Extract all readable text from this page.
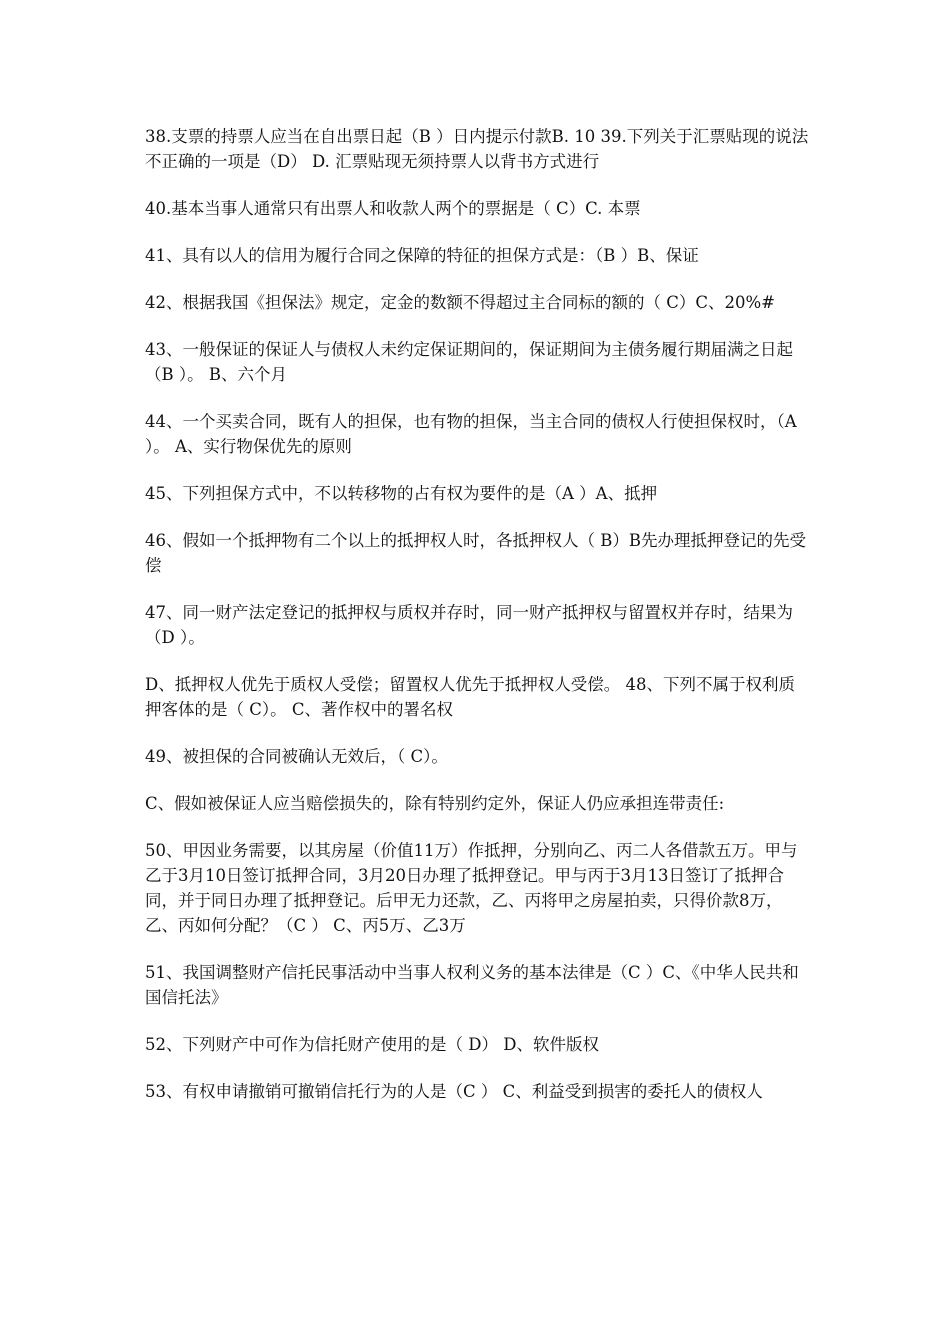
38.支票的持票人应当在自出票日起（B ）日内提示付款B. 10 39.下列关于汇票贴现的说法不正确的一项是（D） D. 汇票贴现无须持票人以背书方式进行

40.基本当事人通常只有出票人和收款人两个的票据是（ C）C. 本票

41、具有以人的信用为履行合同之保障的特征的担保方式是：（B ）B、保证

42、根据我国《担保法》规定，定金的数额不得超过主合同标的额的（ C）C、20%#

43、一般保证的保证人与债权人未约定保证期间的，保证期间为主债务履行期届满之日起（B ）。 B、六个月

44、一个买卖合同，既有人的担保，也有物的担保，当主合同的债权人行使担保权时，（A ）。 A、实行物保优先的原则

45、下列担保方式中，不以转移物的占有权为要件的是（A ）A、抵押

46、假如一个抵押物有二个以上的抵押权人时，各抵押权人（ B）B先办理抵押登记的先受偿

47、同一财产法定登记的抵押权与质权并存时，同一财产抵押权与留置权并存时，结果为（D ）。

D、抵押权人优先于质权人受偿；留置权人优先于抵押权人受偿。 48、下列不属于权利质押客体的是（ C）。 C、著作权中的署名权

49、被担保的合同被确认无效后，（ C）。

C、假如被保证人应当赔偿损失的，除有特别约定外，保证人仍应承担连带责任:

50、甲因业务需要，以其房屋（价值11万）作抵押，分别向乙、丙二人各借款五万。甲与乙于3月10日签订抵押合同，3月20日办理了抵押登记。甲与丙于3月13日签订了抵押合同，并于同日办理了抵押登记。后甲无力还款，乙、丙将甲之房屋拍卖，只得价款8万，乙、丙如何分配？（C ） C、丙5万、乙3万

51、我国调整财产信托民事活动中当事人权利义务的基本法律是（C ）C、《中华人民共和国信托法》

52、下列财产中可作为信托财产使用的是（ D） D、软件版权

53、有权申请撤销可撤销信托行为的人是（C ） C、利益受到损害的委托人的债权人
